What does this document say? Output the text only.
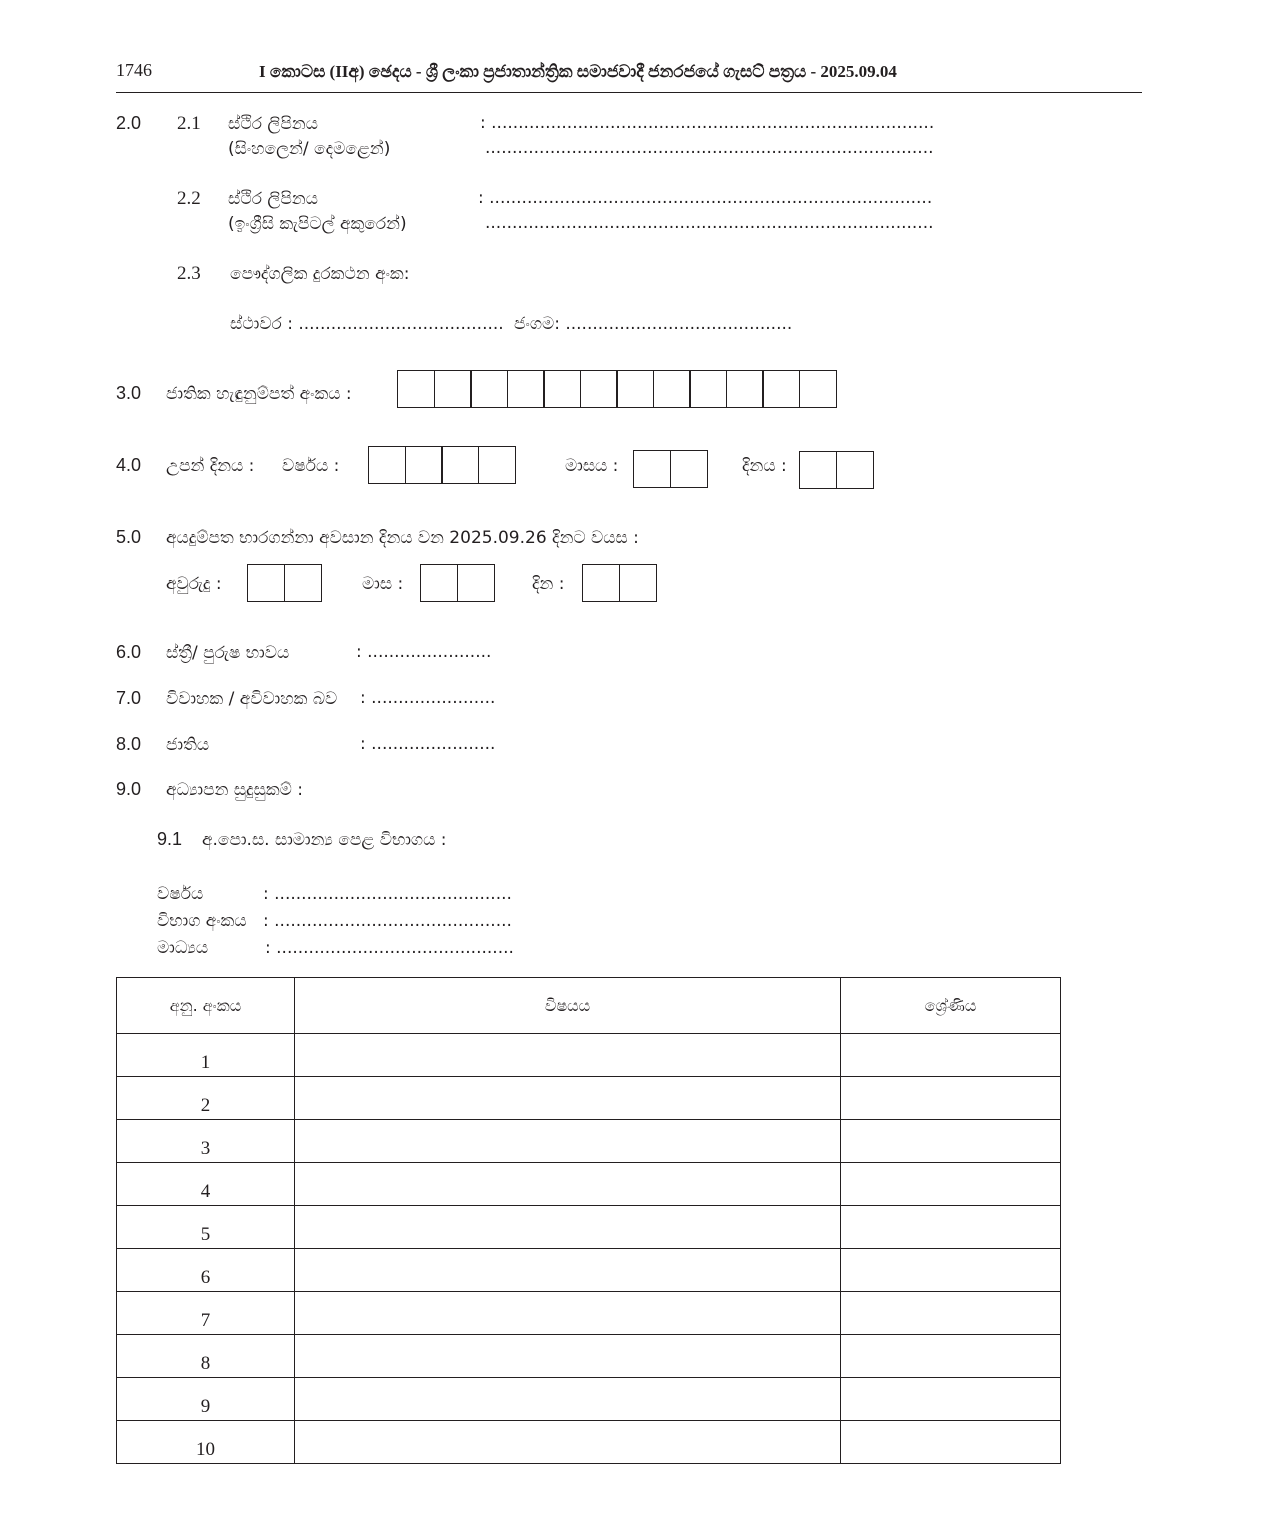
1746	I කොටස (IIඅ) ඡෙදය - ශ්‍රී ලංකා ප්‍රජාතාන්ත්‍රික සමාජවාදී ජනරජයේ ගැසට් පත්‍රය - 2025.09.04
2.0 2.1 ස්ථිර ලිපිනය
(සිංහලෙන්/ දෙමළෙන්)
: ..................................................................................
...................................................................................
2.2 ස්ථිර ලිපිනය
(ඉංග්‍රීසි කැපිටල් අකුරෙන්)
: ..................................................................................
...................................................................................
2.3 පෞද්ගලික දුරකථන අංක:
ස්ථාවර : ...................................... ජංගම: ..........................................
3.0 ජාතික හැඳුනුම්පත් අංකය :
4.0 උපන් දිනය : වර්ෂය :	මාසය :	දිනය :
5.0 අයදුම්පත භාරගන්නා අවසාන දිනය වන 2025.09.26 දිනට වයස :
අවුරුදු :	මාස :	දින :
6.0 ස්ත්‍රී/ පුරුෂ භාවය	: .......................
7.0 විවාහක / අවිවාහක බව : .......................
8.0 ජාතිය	: .......................
9.0 අධ්‍යාපන සුදුසුකම් :
9.1 අ.පො.ස. සාමාන්‍ය පෙළ විභාගය :
වර්ෂය	: ............................................
විභාග අංකය : ............................................
මාධ්‍යය	: ............................................
අනු. අංකය	විෂයය	ශ්‍රේණිය
1		
2		
3		
4		
5		
6		
7		
8		
9		
10		
